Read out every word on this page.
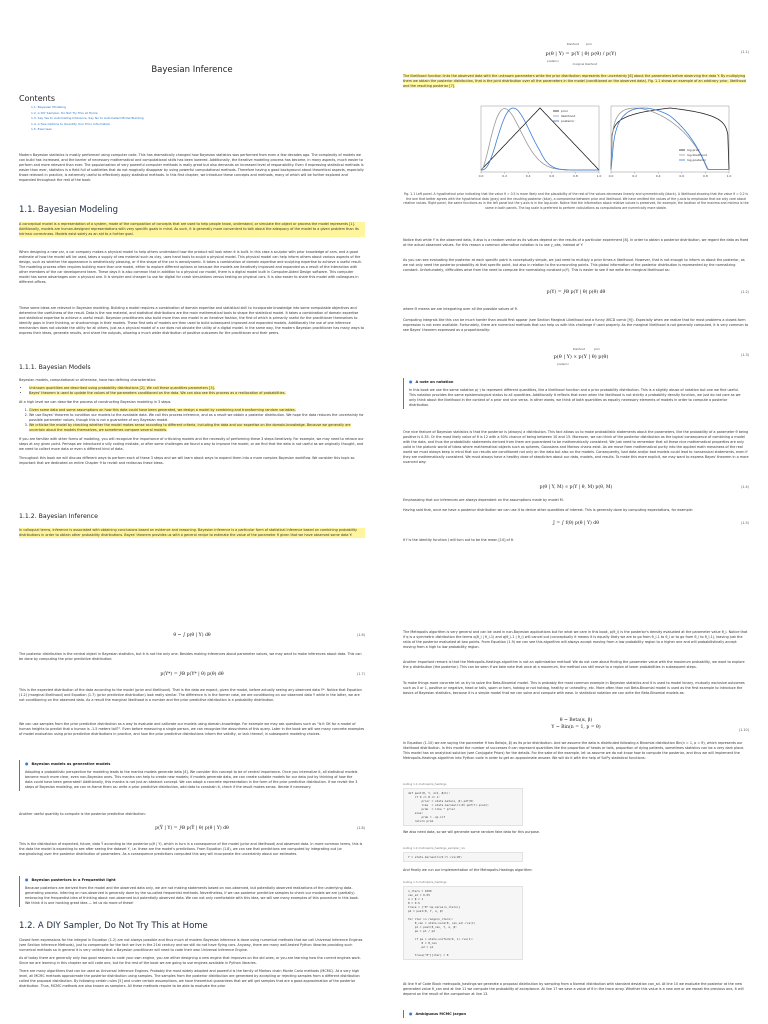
Bayesian Inference
Contents
1.1. Bayesian Modeling
1.2. A DIY Sampler, Do Not Try This at Home
1.3. Say Yes to Automating Inference, Say No to Automated Model Building
1.4. A Few Options to Quantify Your Prior Information
1.5. Exercises

Modern Bayesian statistics is mostly performed using computer code. This has dramatically changed how Bayesian statistics was performed from even a few decades ago. The complexity of models we can build has increased, and the barrier of necessary mathematical and computational skills has been lowered. Additionally, the iterative modeling process has become, in many aspects, much easier to perform and more relevant than ever. The popularization of very powerful computer methods is really great but also demands an increased level of responsibility. Even if expressing statistical methods is easier than ever, statistics is a field full of subtleties that do not magically disappear by using powerful computational methods. Therefore having a good background about theoretical aspects, especially those relevant in practice, is extremely useful to effectively apply statistical methods. In this first chapter, we introduce these concepts and methods, many of which will be further explored and expanded throughout the rest of the book.

1.1. Bayesian Modeling

A conceptual model is a representation of a system, made of the composition of concepts that are used to help people know, understand, or simulate the object or process the model represents [1]. Additionally, models are human-designed representations with very specific goals in mind. As such, it is generally more convenient to talk about the adequacy of the model to a given problem than its intrinsic correctness. Models exist solely as an aid to a further goal.

When designing a new car, a car company makes a physical model to help others understand how the product will look when it is built. In this case a sculptor with prior knowledge of cars, and a good estimate of how the model will be used, takes a supply of raw material such as clay, uses hand tools to sculpt a physical model. This physical model can help inform others about various aspects of the design, such as whether the appearance is aesthetically pleasing, or if the shape of the car is aerodynamic. It takes a combination of domain expertise and sculpting expertise to achieve a useful result. The modeling process often requires building more than one model, either to explore different options or because the models are iteratively improved and expanded as a result of the interaction with other members of the car development team. These days it is also common that in addition to a physical car model, there is a digital model built in Computer-Aided Design software. This computer model has some advantages over a physical one. It is simpler and cheaper to use for digital for crash simulations versus testing on physical cars. It is also easier to share this model with colleagues in different offices.

These same ideas are relevant in Bayesian modeling. Building a model requires a combination of domain expertise and statistical skill to incorporate knowledge into some computable objectives and determine the usefulness of the result. Data is the raw material, and statistical distributions are the main mathematical tools to shape the statistical model. It takes a combination of domain expertise and statistical expertise to achieve a useful result. Bayesian practitioners also build more than one model in an iterative fashion, the first of which is primarily useful for the practitioner themselves to identify gaps in their thinking, or shortcomings in their models. These first sets of models are then used to build subsequent improved and expanded models. Additionally the use of one inference mechanism does not obviate the utility for all others, just as a physical model of a car does not obviate the utility of a digital model. In the same way, the modern Bayesian practitioner has many ways to express their ideas, generate results, and share the outputs, allowing a much wider distribution of positive outcomes for the practitioner and their peers.

1.1.1. Bayesian Models

Bayesian models, computational or otherwise, have two defining characteristics:

• Unknown quantities are described using probability distributions [2]. We call these quantities parameters [3].
• Bayes' theorem is used to update the values of the parameters conditioned on the data. We can also see this process as a reallocation of probabilities.

At a high level we can describe the process of constructing Bayesian modeling in 3 steps.

1. Given some data and some assumptions on how this data could have been generated, we design a model by combining and transforming random variables.
2. We use Bayes' theorem to condition our models to the available data. We call this process inference, and as a result we obtain a posterior distribution. We hope the data reduces the uncertainty for possible parameter values, though this is not a guarantee of any Bayesian model.
3. We criticize the model by checking whether the model makes sense according to different criteria, including the data and our expertise on the domain-knowledge. Because we generally are uncertain about the models themselves, we sometimes compare several models.

If you are familiar with other forms of modeling, you will recognize the importance of criticizing models and the necessity of performing these 3 steps iteratively. For example, we may need to retrace our steps at any given point. Perhaps we introduced a silly coding mistake, or after some challenges we found a way to improve the model, or we find that the data is not useful as we originally thought, and we need to collect more data or even a different kind of data.

Throughout this book we will discuss different ways to perform each of these 3 steps and we will learn about ways to expand them into a more complex Bayesian workflow. We consider this topic so important that we dedicated an entire Chapter 9 to revisit and rediscuss these ideas.

1.1.2. Bayesian Inference

In colloquial terms, inference is associated with obtaining conclusions based on evidence and reasoning. Bayesian inference is a particular form of statistical inference based on combining probability distributions in order to obtain other probability distributions. Bayes' theorem provides us with a general recipe to estimate the value of the parameter θ given that we have observed some data Y:

θ ~ ∫ p(θ | Y) dθ	(1.6)

The posterior distribution is the central object in Bayesian statistics, but it is not the only one. Besides making inferences about parameter values, we may want to make inferences about data. This can be done by computing the prior predictive distribution:

p(Y*) = ∫Θ p(Y* | θ) p(θ) dθ	(1.7)

This is the expected distribution of the data according to the model (prior and likelihood). That is the data we expect, given the model, before actually seeing any observed data Y*. Notice that Equation (1.2) (marginal likelihood) and Equation (1.7) (prior predictive distribution) look really similar. The difference is in the former case, we are conditioning on our observed data Y while in the latter, we are not conditioning on the observed data. As a result the marginal likelihood is a number and the prior predictive distribution is a probability distribution.

We can use samples from the prior predictive distribution as a way to evaluate and calibrate our models using domain-knowledge. For example we may ask questions such as "Is it OK for a model of human heights to predict that a human is -1.5 meters tall?". Even before measuring a single person, we can recognize the absurdness of this query. Later in the book we will see many concrete examples of model evaluation using prior predictive distributions in practice, and how the prior predictive distributions inform the validity, or lack thereof, in subsequent modeling choices.

● Bayesian models as generative models

Adopting a probabilistic perspective for modeling leads to the mantra models generate data [4]. We consider this concept to be of central importance. Once you internalize it, all statistical models become much more clear, even non-Bayesian ones. This mantra can help to create new models; if models generate data, we can create suitable models for our data just by thinking of how the data could have been generated! Additionally, this mantra is not just an abstract concept. We can adopt a concrete representation in the form of the prior predictive distribution. If we revisit the 3 steps of Bayesian modeling, we can re-frame them as: write a prior predictive distribution, add data to constrain it, check if the result makes sense. Iterate if necessary.

Another useful quantity to compute is the posterior predictive distribution:

p(Ỹ | Y) = ∫Θ p(Ỹ | θ) p(θ | Y) dθ	(1.8)

This is the distribution of expected, future, data Ỹ according to the posterior p(θ | Y), which in turn is a consequence of the model (prior and likelihood) and observed data. In more common terms, this is the data the model is expecting to see after seeing the dataset Y, i.e. these are the model's predictions. From Equation (1.8), we can see that predictions are computed by integrating out (or marginalizing) over the posterior distribution of parameters. As a consequence predictions computed this way will incorporate the uncertainty about our estimates.

● Bayesian posteriors in a Frequentist light

Because posteriors are derived from the model and the observed data only, we are not making statements based on non-observed, but potentially observed realizations of the underlying data-generating process. Inferring on non-observed is generally done by the so-called frequentist methods. Nevertheless, if we use posterior predictive samples to check our models we are (partially) embracing the frequentist idea of thinking about non-observed but potentially observed data. We can not only comfortable with this idea, we will see many examples of this procedure in this book. We think it is one honking great idea — let us do more of these!

1.2. A DIY Sampler, Do Not Try This at Home

Closed form expressions for the integral in Equation (1.2) are not always possible and thus much of modern Bayesian inference is done using numerical methods that we call Universal Inference Engines (see Section Inference Methods), just to compensate for the fact we live in the 21st century and we still do not have flying cars. Anyway, there are many well-tested Python libraries providing such numerical methods so in general it is very unlikely that a Bayesian practitioner will need to code their own Universal Inference Engine.

As of today there are generally only two good reasons to code your own engine, you are either designing a new engine that improves on the old ones, or you are learning how the current engines work. Since we are learning in this chapter we will code one, but for the rest of the book we are going to use engines available in Python libraries.

There are many algorithms that can be used as Universal Inference Engines. Probably the most widely adopted and powerful is the family of Markov chain Monte Carlo methods (MCMC). At a very high level, all MCMC methods approximate the posterior distribution using samples. The samples from the posterior distribution are generated by accepting or rejecting samples from a different distribution called the proposal distribution. By following certain rules [5] and under certain assumptions, we have theoretical guarantees that we will get samples that are a good approximation of the posterior distribution. Thus, MCMC methods are also known as samplers. All these methods require to be able to evaluate the prior

likelihood	prior
p(θ | Y) = p(Y | θ) p(θ) / p(Y)
posterior
marginal likelihood
(1.1)

The likelihood function links the observed data with the unknown parameters while the prior distribution represents the uncertainty [6] about the parameters before observing the data Y. By multiplying them we obtain the posterior distribution, that is the joint distribution over all the parameters in the model (conditioned on the observed data). Fig. 1.1 shows an example of an arbitrary prior, likelihood and the resulting posterior [7].

0.0	0.2	0.4	0.6	0.8	1.0 0.0	0.2	0.4	0.6	0.8	1.0
prior
likelihood
posterior
log-prior
log-likelihood
log-posterior
Fig. 1.1 Left panel. A hypothetical prior indicating that the value θ = 0.5 is more likely and the plausibility of the rest of the values decreases linearly and symmetrically (black). A likelihood showing that the value θ = 0.2 is the one that better agrees with the hypothetical data (gray) and the resulting posterior (blue), a compromise between prior and likelihood. We have omitted the values of the y-axis to emphasize that we only care about relative values. Right panel, the same functions as in the left panel but the y-axis is in the log-scale. Notice that the information about relative values is preserved, for example, the location of the maxima and minima is the same in both panels. The log scale is preferred to perform calculations as computations are numerically more stable.

Notice that while Y is the observed data, it also is a random vector as its values depend on the results of a particular experiment [8]. In order to obtain a posterior distribution, we regard the data as fixed at the actual observed values. For this reason a common alternative notation is to use y_obs, instead of Y.

As you can see evaluating the posterior at each specific point is conceptually simple, we just need to multiply a prior times a likelihood. However, that is not enough to inform us about the posterior, as we not only need the posterior probability at that specific point, but also in relation to the surrounding points. This global information of the posterior distribution is represented by the normalizing constant. Unfortunately, difficulties arise from the need to compute the normalizing constant p(Y). This is easier to see if we write the marginal likelihood as:

p(Y) = ∫Θ p(Y | θ) p(θ) dθ	(1.2)

where Θ means we are integrating over all the possible values of θ.

Computing integrals like this can be much harder than would first appear (see Section Marginal Likelihood and a funny XKCD comic [9]). Especially when we realize that for most problems a closed-form expression is not even available. Fortunately, there are numerical methods that can help us with this challenge if used properly. As the marginal likelihood is not generally computed, it is very common to see Bayes' theorem expressed as a proportionality:

likelihood	prior
p(θ | Y) ∝ p(Y | θ) p(θ)
posterior
(1.3)
● A note on notation

In this book we use the same notation p(·) to represent different quantities, like a likelihood function and a prior probability distribution. This is a slightly abuse of notation but one we find useful. This notation provides the same epistemological status to all quantities. Additionally it reflects that even when the likelihood is not strictly a probability density function, we just do not care as we only think about the likelihood in the context of a prior and vice versa. In other words, we think of both quantities as equally necessary elements of models in order to compute a posterior distribution.

One nice feature of Bayesian statistics is that the posterior is (always) a distribution. This fact allows us to make probabilistic statements about the parameters, like the probability of a parameter θ being positive is 0.35. Or the most likely value of θ is 12 with a 50% chance of being between 10 and 15. Moreover, we can think of the posterior distribution as the logical consequence of combining a model with the data, and thus the probabilistic statements derived from them are guaranteed to be mathematically consistent. We just need to remember that all these nice mathematical properties are only valid in the platonic world of ideas where mathematical objects such as spheres, Gaussians and Markov chains exist. As we move from mathematical purity into the applied math messiness of the real world we must always keep in mind that our results are conditioned not only on the data but also on the models. Consequently, bad data and/or bad models could lead to nonsensical statements, even if they are mathematically consistent. We must always have a healthy dose of skepticism about our data, models, and results. To make this more explicit, we may want to express Bayes' theorem in a more nuanced way:

p(θ | Y, M) ∝ p(Y | θ, M) p(θ, M)	(1.4)

Emphasizing that our inferences are always dependent on the assumptions made by model M.

Having said that, once we have a posterior distribution we can use it to derive other quantities of interest. This is generally done by computing expectations, for example:

J = ∫ f(θ) p(θ | Y) dθ	(1.5)

If f is the identity function J will turn out to be the mean [10] of θ.

The Metropolis algorithm is very general and can be used in non-Bayesian applications but for what we care in this book, p(θ_i) is the posterior's density evaluated at the parameter value θ_i. Notice that if q is a symmetric distribution the terms q(θ_i | θ_i-1) and q(θ_i-1 | θ_i) will cancel out (conceptually it means it is equally likely we are to go from θ_i-1 to θ_i or to go from θ_i to θ_i-1), leaving just the ratio of the posterior evaluated at two points. From Equation (1.9) we can see this algorithm will always accept moving from a low probability region to a higher one and will probabilistically accept moving from a high to low probability region.

Another important remark is that the Metropolis-Hastings algorithm is not an optimization method! We do not care about finding the parameter value with the maximum probability, we want to explore the p distribution (the posterior). This can be seen if we take note that once at a maximum, the method can still move to a region of lower probabilities in subsequent steps.

To make things more concrete let us try to solve the Beta-Binomial model. This is probably the most common example in Bayesian statistics and it is used to model binary, mutually exclusive outcomes such as 0 or 1, positive or negative, head or tails, spam or ham, hotdog or not hotdog, healthy or unhealthy, etc. More often than not Beta-Binomial model is used as the first example to introduce the basics of Bayesian statistics, because it is a simple model that we can solve and compute with ease. In statistical notation we can write the Beta-Binomial models as:

θ ~ Beta(α, β)
Y ~ Bin(n = 1, p = θ)	(1.10)

In Equation (1.10) we are saying the parameter θ has Beta(α, β) as its prior distribution. And we assume the data is distributed following a Binomial distribution Bin(n = 1, p = θ), which represents our likelihood distribution. In this model the number of successes θ can represent quantities like the proportion of heads or tails, proportion of dying patients, sometimes statistics can be a very dark place. This model has an analytical solution (see Conjugate Priors) for the details. For the sake of the example, let us assume we do not know how to compute the posterior, and thus we will implement the Metropolis-Hastings algorithm into Python code in order to get an approximate answer. We will do it with the help of SciPy statistical functions:

Listing 1.1 metropolis_hastings
def post(θ, Y, α=1, β=1):
if 0 <= θ <= 1:
prior = stats.beta(α, β).pdf(θ)
like  = stats.bernoulli(θ).pmf(Y).prod()
prob  = like * prior
else:
prob = -np.inf
return prob

We also need data, so we will generate some random fake data for this purpose.

Listing 1.2 metropolis_hastings_sampler_rvs
Y = stats.bernoulli(0.7).rvs(20)

And finally we run our implementation of the Metropolis-Hastings algorithm:

Listing 1.3 metropolis_hastings
n_iters = 1000
can_sd = 0.05
α = β = 1
θ = 0.5
trace = {"θ":np.zeros(n_iters)}
p2 = post(θ, Y, α, β)

for iter in range(n_iters):
θ_can = stats.norm(θ, can_sd).rvs(1)
p1 = post(θ_can, Y, α, β)
pa = p1 / p2

if pa > stats.uniform(0, 1).rvs(1):
θ = θ_can
p2 = p1

trace["θ"][iter] = θ

At line 9 of Code Block metropolis_hastings we generate a proposal distribution by sampling from a Normal distribution with standard deviation can_sd. At line 10 we evaluate the posterior at the new generated value θ_can and at line 11 we compute the probability of acceptance. At line 17 we save a value of θ in the trace array. Whether this value is a new one or we repeat the previous one, it will depend on the result of the comparison at line 13.

● Ambiguous MCMC jargon
